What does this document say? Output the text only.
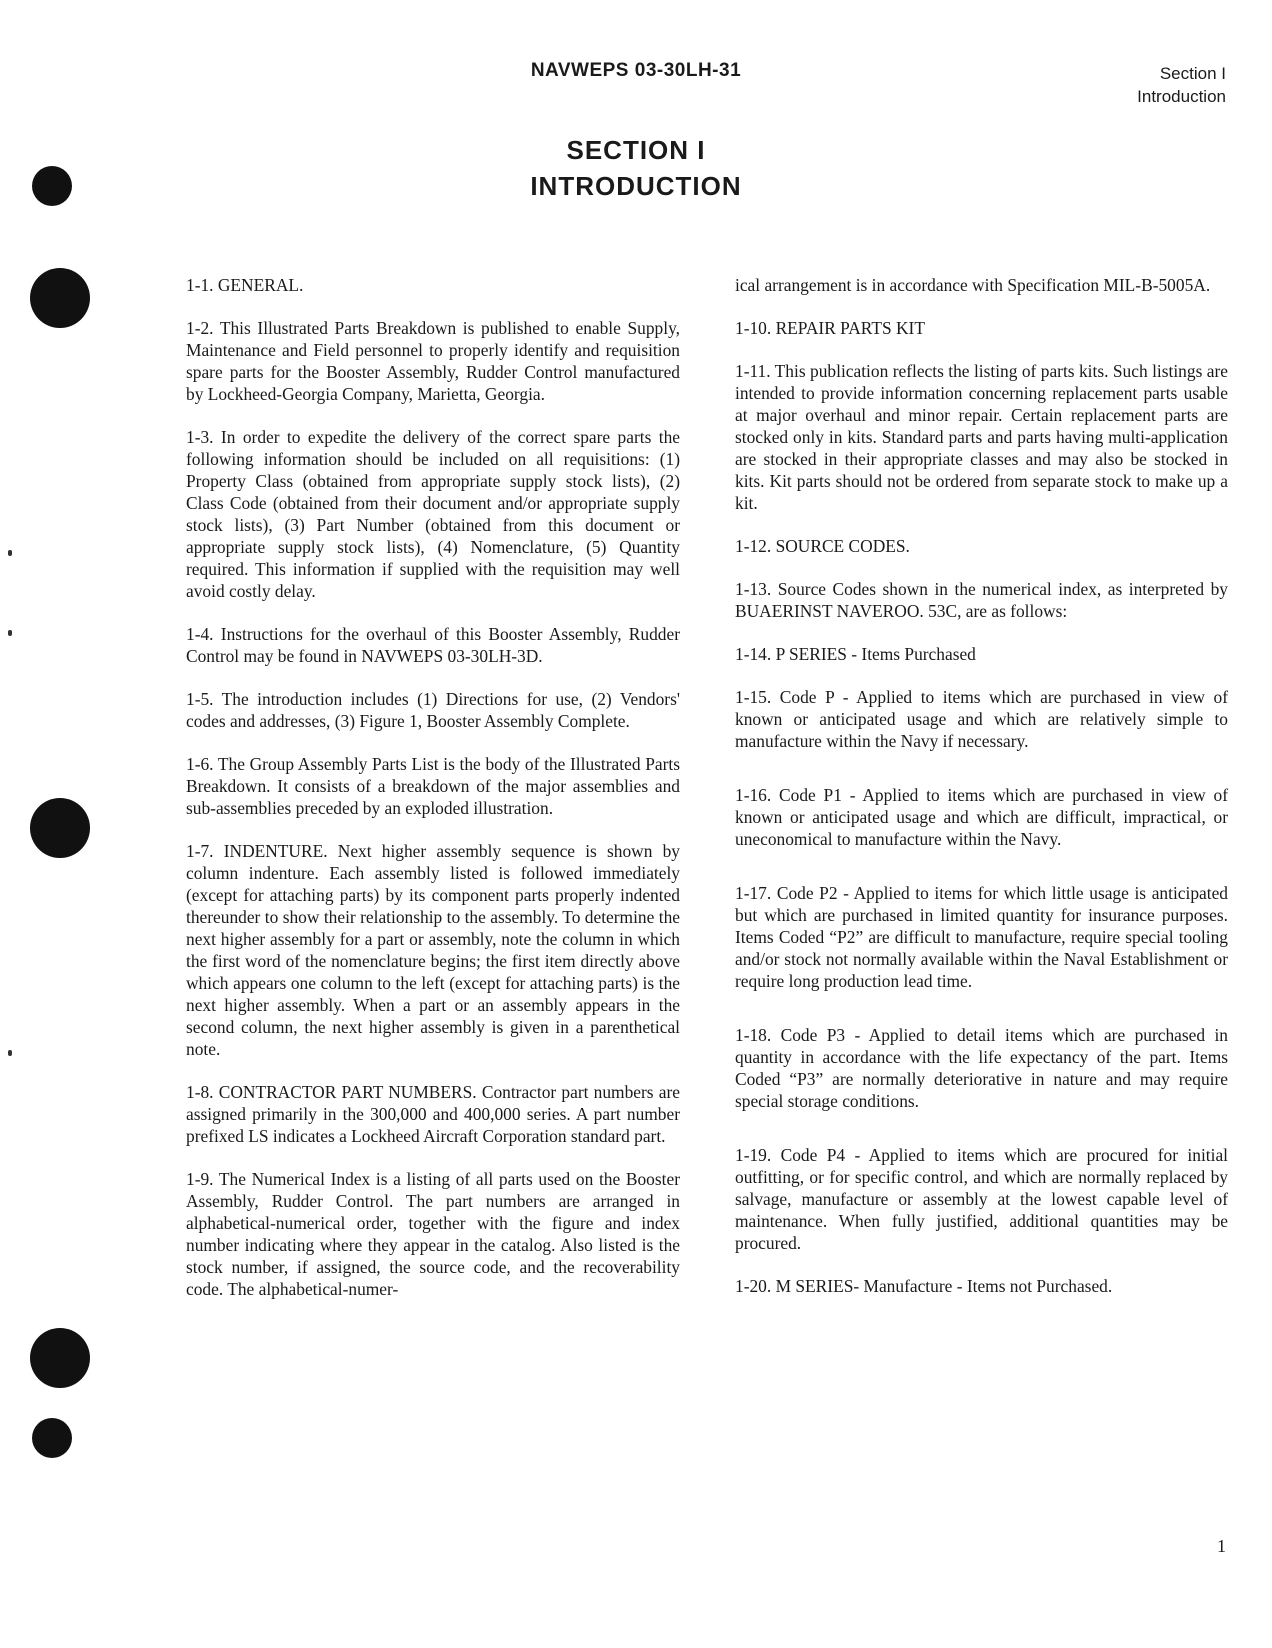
NAVWEPS 03-30LH-31	Section I
Introduction
SECTION I
INTRODUCTION

1-1. GENERAL.

1-2. This Illustrated Parts Breakdown is published to enable Supply, Maintenance and Field personnel to properly identify and requisition spare parts for the Booster Assembly, Rudder Control manufactured by Lockheed-Georgia Company, Marietta, Georgia.

1-3. In order to expedite the delivery of the correct spare parts the following information should be included on all requisitions: (1) Property Class (obtained from appropriate supply stock lists), (2) Class Code (obtained from their document and/or appropriate supply stock lists), (3) Part Number (obtained from this document or appropriate supply stock lists), (4) Nomenclature, (5) Quantity required. This information if supplied with the requisition may well avoid costly delay.

1-4. Instructions for the overhaul of this Booster Assembly, Rudder Control may be found in NAVWEPS 03-30LH-3D.

1-5. The introduction includes (1) Directions for use, (2) Vendors' codes and addresses, (3) Figure 1, Booster Assembly Complete.

1-6. The Group Assembly Parts List is the body of the Illustrated Parts Breakdown. It consists of a breakdown of the major assemblies and sub-assemblies preceded by an exploded illustration.

1-7. INDENTURE. Next higher assembly sequence is shown by column indenture. Each assembly listed is followed immediately (except for attaching parts) by its component parts properly indented thereunder to show their relationship to the assembly. To determine the next higher assembly for a part or assembly, note the column in which the first word of the nomenclature begins; the first item directly above which appears one column to the left (except for attaching parts) is the next higher assembly. When a part or an assembly appears in the second column, the next higher assembly is given in a parenthetical note.

1-8. CONTRACTOR PART NUMBERS. Contractor part numbers are assigned primarily in the 300,000 and 400,000 series. A part number prefixed LS indicates a Lockheed Aircraft Corporation standard part.

1-9. The Numerical Index is a listing of all parts used on the Booster Assembly, Rudder Control. The part numbers are arranged in alphabetical-numerical order, together with the figure and index number indicating where they appear in the catalog. Also listed is the stock number, if assigned, the source code, and the recoverability code. The alphabetical-numer-

ical arrangement is in accordance with Specification MIL-B-5005A.

1-10. REPAIR PARTS KIT

1-11. This publication reflects the listing of parts kits. Such listings are intended to provide information concerning replacement parts usable at major overhaul and minor repair. Certain replacement parts are stocked only in kits. Standard parts and parts having multi-application are stocked in their appropriate classes and may also be stocked in kits. Kit parts should not be ordered from separate stock to make up a kit.

1-12. SOURCE CODES.

1-13. Source Codes shown in the numerical index, as interpreted by BUAERINST NAVEROO. 53C, are as follows:

1-14. P SERIES - Items Purchased

1-15. Code P - Applied to items which are purchased in view of known or anticipated usage and which are relatively simple to manufacture within the Navy if necessary.

1-16. Code P1 - Applied to items which are purchased in view of known or anticipated usage and which are difficult, impractical, or uneconomical to manufacture within the Navy.

1-17. Code P2 - Applied to items for which little usage is anticipated but which are purchased in limited quantity for insurance purposes. Items Coded “P2” are difficult to manufacture, require special tooling and/or stock not normally available within the Naval Establishment or require long production lead time.

1-18. Code P3 - Applied to detail items which are purchased in quantity in accordance with the life expectancy of the part. Items Coded “P3” are normally deteriorative in nature and may require special storage conditions.

1-19. Code P4 - Applied to items which are procured for initial outfitting, or for specific control, and which are normally replaced by salvage, manufacture or assembly at the lowest capable level of maintenance. When fully justified, additional quantities may be procured.

1-20. M SERIES- Manufacture - Items not Purchased.

1
